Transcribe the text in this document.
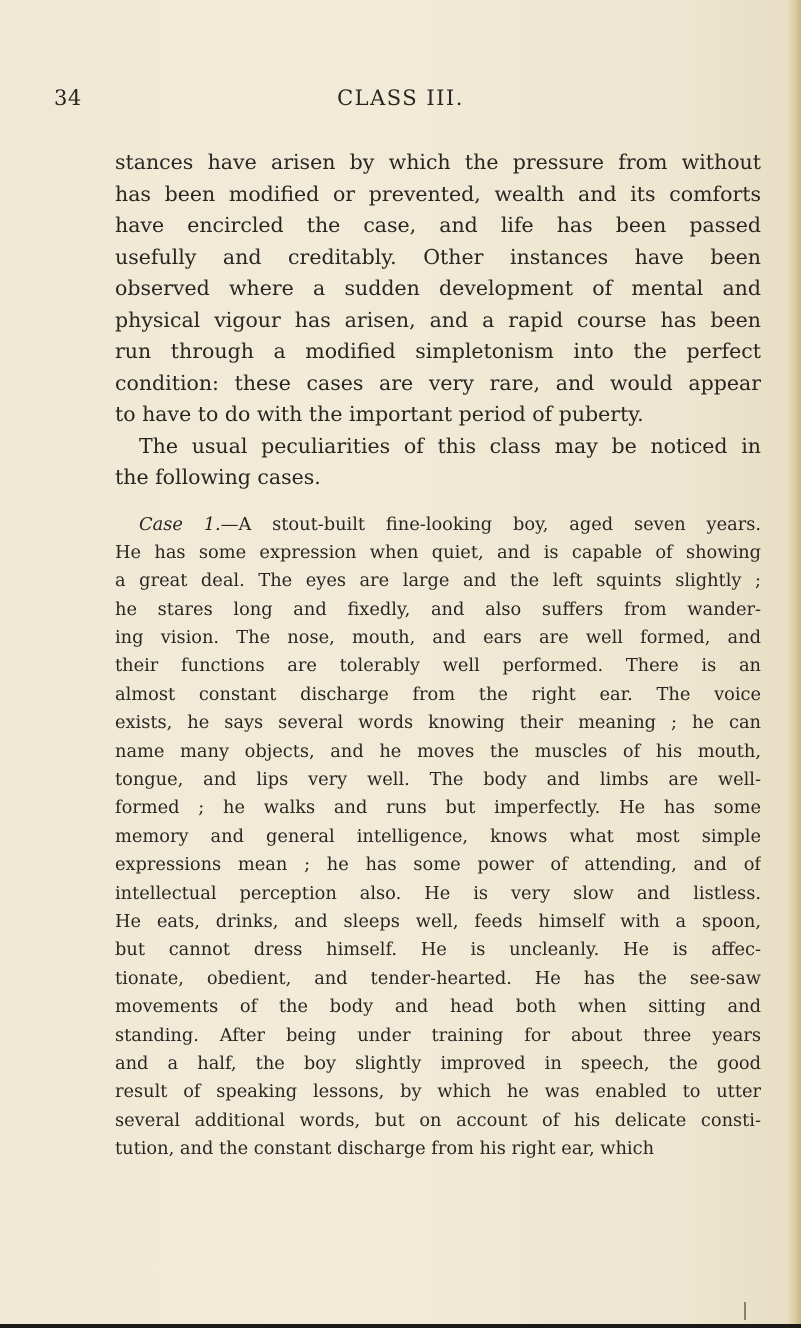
34	CLASS III.
stances have arisen by which the pressure from without
has been modified or prevented, wealth and its comforts
have encircled the case, and life has been passed
usefully and creditably. Other instances have been
observed where a sudden development of mental and
physical vigour has arisen, and a rapid course has been
run through a modified simpletonism into the perfect
condition: these cases are very rare, and would appear
to have to do with the important period of puberty.
The usual peculiarities of this class may be noticed in
the following cases.
Case 1.—A stout-built fine-looking boy, aged seven years.
He has some expression when quiet, and is capable of showing
a great deal. The eyes are large and the left squints slightly ;
he stares long and fixedly, and also suffers from wander-
ing vision. The nose, mouth, and ears are well formed, and
their functions are tolerably well performed. There is an
almost constant discharge from the right ear. The voice
exists, he says several words knowing their meaning ; he can
name many objects, and he moves the muscles of his mouth,
tongue, and lips very well. The body and limbs are well-
formed ; he walks and runs but imperfectly. He has some
memory and general intelligence, knows what most simple
expressions mean ; he has some power of attending, and of
intellectual perception also. He is very slow and listless.
He eats, drinks, and sleeps well, feeds himself with a spoon,
but cannot dress himself. He is uncleanly. He is affec-
tionate, obedient, and tender-hearted. He has the see-saw
movements of the body and head both when sitting and
standing. After being under training for about three years
and a half, the boy slightly improved in speech, the good
result of speaking lessons, by which he was enabled to utter
several additional words, but on account of his delicate consti-
tution, and the constant discharge from his right ear, which
